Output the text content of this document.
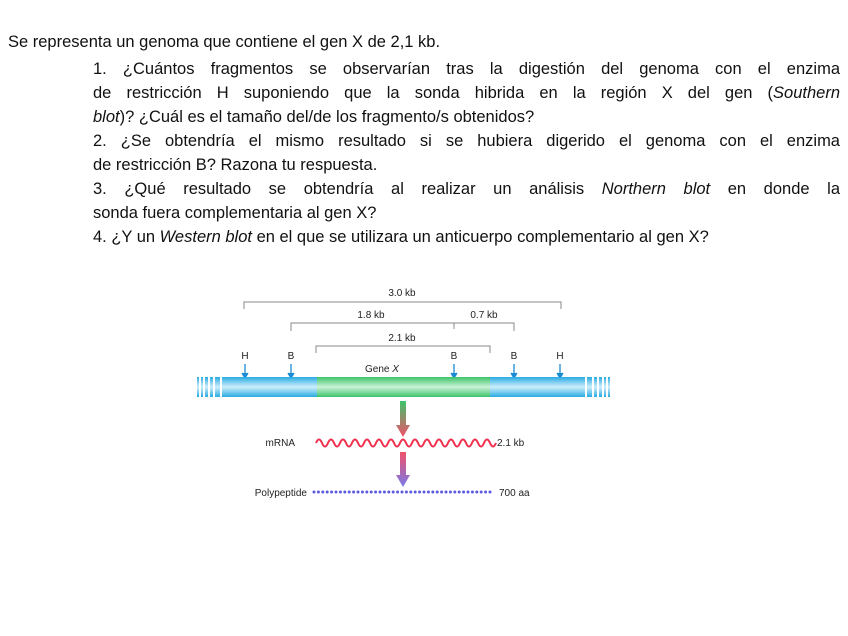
Se representa un genoma que contiene el gen X de 2,1 kb.
1. ¿Cuántos fragmentos se observarían tras la digestión del genoma con el enzima
de restricción H suponiendo que la sonda hibrida en la región X del gen (Southern
blot)? ¿Cuál es el tamaño del/de los fragmento/s obtenidos?
2. ¿Se obtendría el mismo resultado si se hubiera digerido el genoma con el enzima
de restricción B? Razona tu respuesta.
3. ¿Qué resultado se obtendría al realizar un análisis Northern blot en donde la
sonda fuera complementaria al gen X?
4. ¿Y un Western blot en el que se utilizara un anticuerpo complementario al gen X?
3.0 kb
1.8 kb	0.7 kb
2.1 kb
H	B	B	B	H
Gene X
mRNA	2.1 kb
Polypeptide	700 aa
